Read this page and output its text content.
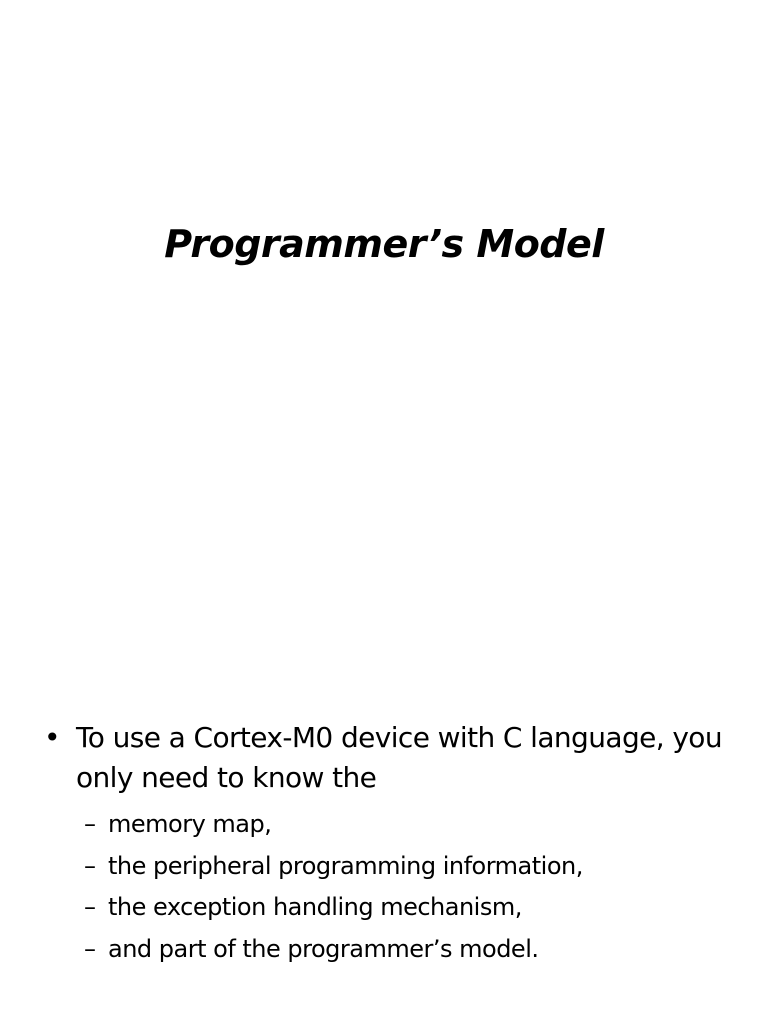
Programmer’s Model
• To use a Cortex-M0 device with C language, you only need to know the
– memory map,
– the peripheral programming information,
– the exception handling mechanism,
– and part of the programmer’s model.
